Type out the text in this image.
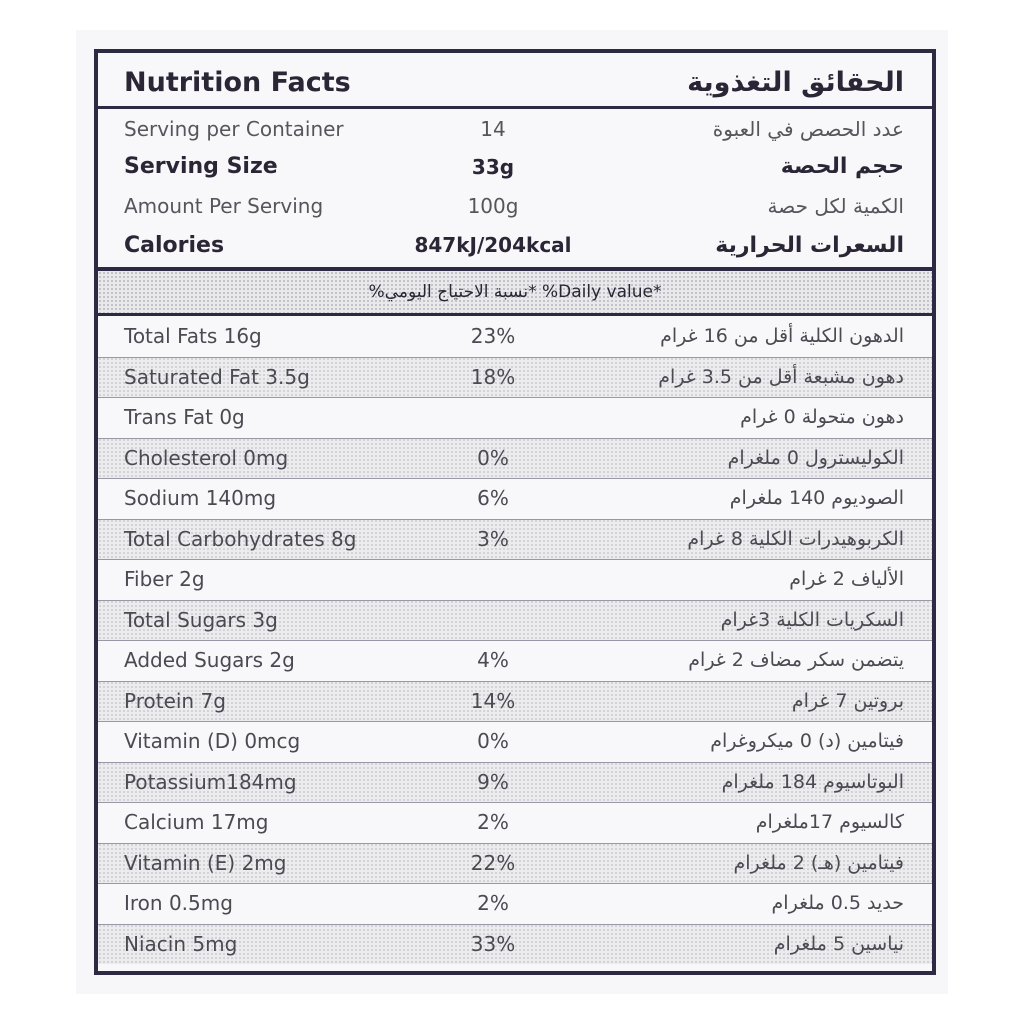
Nutrition Facts	الحقائق التغذوية
Serving per Container	14	عدد الحصص في العبوة
Serving Size	33g	حجم الحصة
Amount Per Serving	100g	الكمية لكل حصة
Calories	847kJ/204kcal	السعرات الحرارية
%نسبة الاحتياج اليومي* %Daily value*
Total Fats 16g	23%	الدهون الكلية أقل من 16 غرام
Saturated Fat 3.5g	18%	دهون مشبعة أقل من 3.5 غرام
Trans Fat 0g	دهون متحولة 0 غرام
Cholesterol 0mg	0%	الكوليسترول 0 ملغرام
Sodium 140mg	6%	الصوديوم 140 ملغرام
Total Carbohydrates 8g	3%	الكربوهيدرات الكلية 8 غرام
Fiber 2g	الألياف 2 غرام
Total Sugars 3g	السكريات الكلية 3غرام
Added Sugars 2g	4%	يتضمن سكر مضاف 2 غرام
Protein 7g	14%	بروتين 7 غرام
Vitamin (D) 0mcg	0%	فيتامين (د) 0 ميكروغرام
Potassium184mg	9%	البوتاسيوم 184 ملغرام
Calcium 17mg	2%	كالسيوم 17ملغرام
Vitamin (E) 2mg	22%	فيتامين (هـ) 2 ملغرام
Iron 0.5mg	2%	حديد 0.5 ملغرام
Niacin 5mg	33%	نياسين 5 ملغرام
